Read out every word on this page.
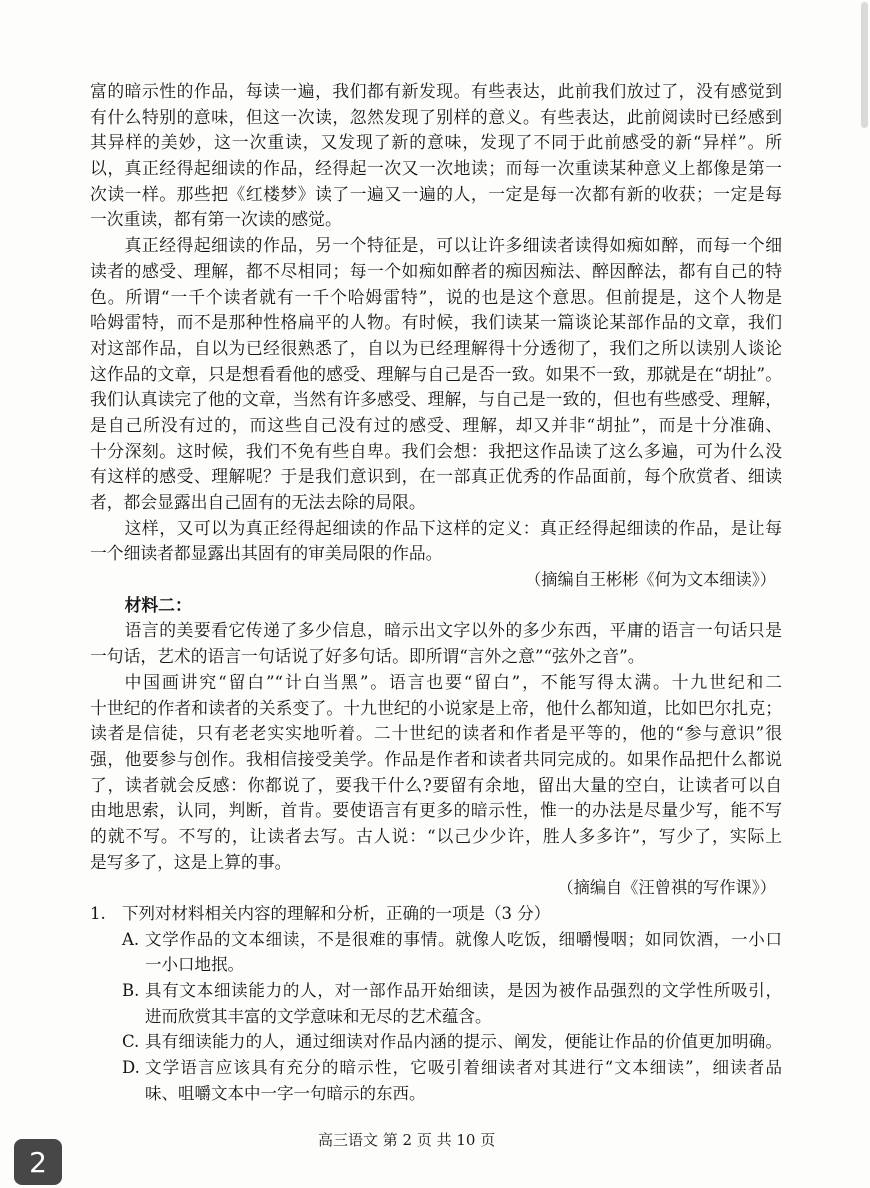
富的暗示性的作品，每读一遍，我们都有新发现。有些表达，此前我们放过了，没有感觉到
有什么特别的意味，但这一次读，忽然发现了别样的意义。有些表达，此前阅读时已经感到
其异样的美妙，这一次重读，又发现了新的意味，发现了不同于此前感受的新“异样”。所
以，真正经得起细读的作品，经得起一次又一次地读；而每一次重读某种意义上都像是第一
次读一样。那些把《红楼梦》读了一遍又一遍的人，一定是每一次都有新的收获；一定是每
一次重读，都有第一次读的感觉。
真正经得起细读的作品，另一个特征是，可以让许多细读者读得如痴如醉，而每一个细
读者的感受、理解，都不尽相同；每一个如痴如醉者的痴因痴法、醉因醉法，都有自己的特
色。所谓“一千个读者就有一千个哈姆雷特”，说的也是这个意思。但前提是，这个人物是
哈姆雷特，而不是那种性格扁平的人物。有时候，我们读某一篇谈论某部作品的文章，我们
对这部作品，自以为已经很熟悉了，自以为已经理解得十分透彻了，我们之所以读别人谈论
这作品的文章，只是想看看他的感受、理解与自己是否一致。如果不一致，那就是在“胡扯”。
我们认真读完了他的文章，当然有许多感受、理解，与自己是一致的，但也有些感受、理解，
是自己所没有过的，而这些自己没有过的感受、理解，却又并非“胡扯”，而是十分准确、
十分深刻。这时候，我们不免有些自卑。我们会想：我把这作品读了这么多遍，可为什么没
有这样的感受、理解呢？于是我们意识到，在一部真正优秀的作品面前，每个欣赏者、细读
者，都会显露出自己固有的无法去除的局限。
这样，又可以为真正经得起细读的作品下这样的定义：真正经得起细读的作品，是让每
一个细读者都显露出其固有的审美局限的作品。
（摘编自王彬彬《何为文本细读》）
材料二：
语言的美要看它传递了多少信息，暗示出文字以外的多少东西，平庸的语言一句话只是
一句话，艺术的语言一句话说了好多句话。即所谓“言外之意”“弦外之音”。
中国画讲究“留白”“计白当黑”。语言也要“留白”，不能写得太满。十九世纪和二
十世纪的作者和读者的关系变了。十九世纪的小说家是上帝，他什么都知道，比如巴尔扎克；
读者是信徒，只有老老实实地听着。二十世纪的读者和作者是平等的，他的“参与意识”很
强，他要参与创作。我相信接受美学。作品是作者和读者共同完成的。如果作品把什么都说
了，读者就会反感：你都说了，要我干什么?要留有余地，留出大量的空白，让读者可以自
由地思索，认同，判断，首肯。要使语言有更多的暗示性，惟一的办法是尽量少写，能不写
的就不写。不写的，让读者去写。古人说：“以己少少许，胜人多多许”，写少了，实际上
是写多了，这是上算的事。
（摘编自《汪曾祺的写作课》）
1. 下列对材料相关内容的理解和分析，正确的一项是（3 分）
A. 文学作品的文本细读，不是很难的事情。就像人吃饭，细嚼慢咽；如同饮酒，一小口
一小口地抿。
B. 具有文本细读能力的人，对一部作品开始细读，是因为被作品强烈的文学性所吸引，
进而欣赏其丰富的文学意味和无尽的艺术蕴含。
C. 具有细读能力的人，通过细读对作品内涵的提示、阐发，便能让作品的价值更加明确。
D. 文学语言应该具有充分的暗示性，它吸引着细读者对其进行“文本细读”，细读者品
味、咀嚼文本中一字一句暗示的东西。
高三语文 第 2 页 共 10 页
2
